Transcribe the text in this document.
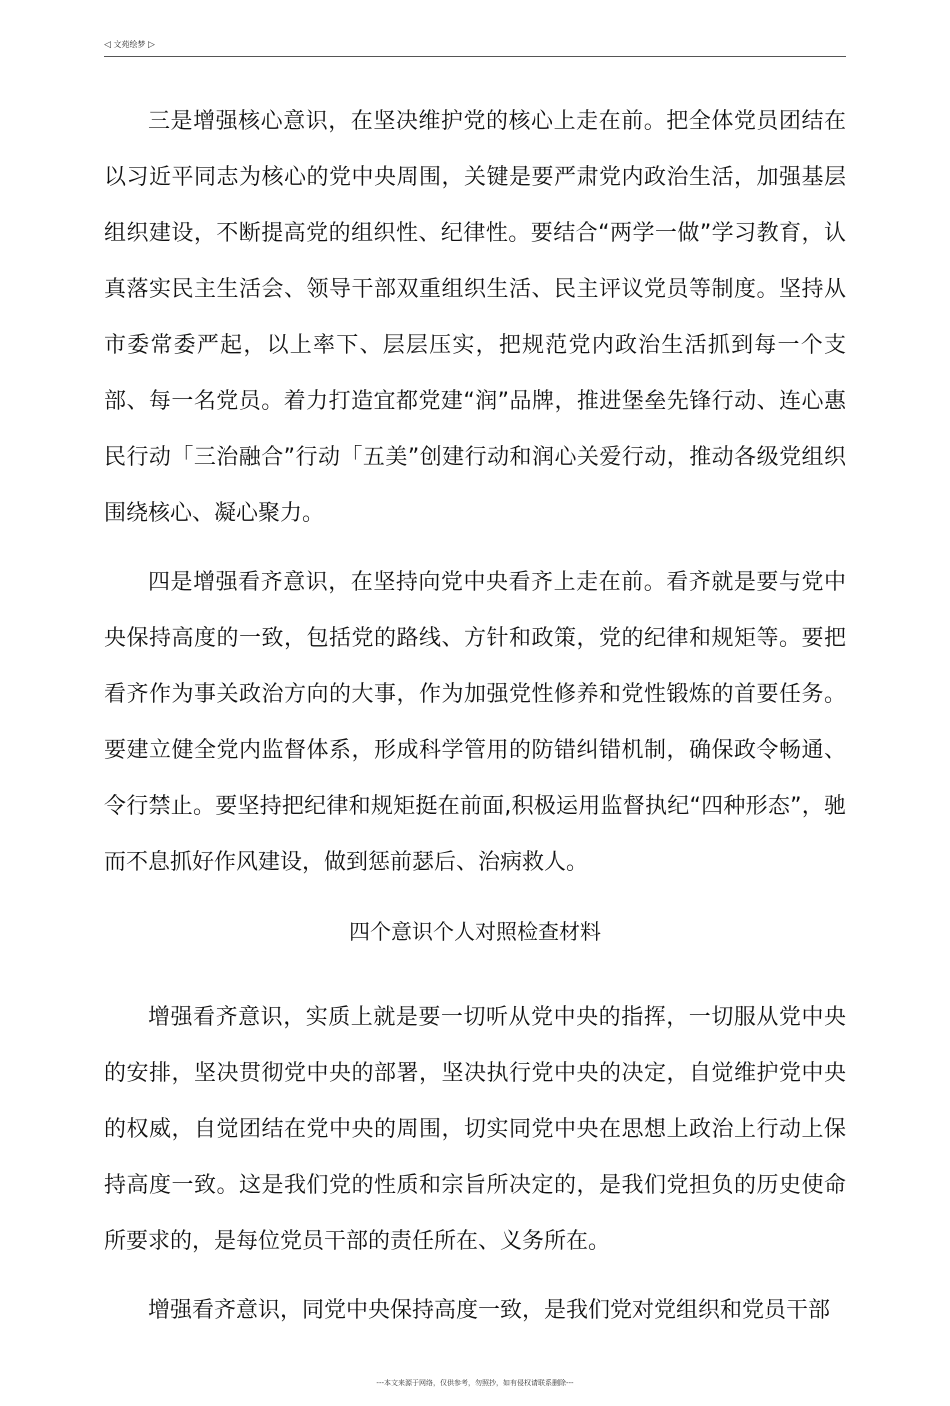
◁ 文苑绘梦 ▷

三是增强核心意识，在坚决维护党的核心上走在前。把全体党员团结在以习近平同志为核心的党中央周围，关键是要严肃党内政治生活，加强基层组织建设，不断提高党的组织性、纪律性。要结合“两学一做”学习教育，认真落实民主生活会、领导干部双重组织生活、民主评议党员等制度。坚持从市委常委严起，以上率下、层层压实，把规范党内政治生活抓到每一个支部、每一名党员。着力打造宜都党建“润”品牌，推进堡垒先锋行动、连心惠民行动「三治融合”行动「五美”创建行动和润心关爱行动，推动各级党组织围绕核心、凝心聚力。

四是增强看齐意识，在坚持向党中央看齐上走在前。看齐就是要与党中央保持高度的一致，包括党的路线、方针和政策，党的纪律和规矩等。要把看齐作为事关政治方向的大事，作为加强党性修养和党性锻炼的首要任务。要建立健全党内监督体系，形成科学管用的防错纠错机制，确保政令畅通、令行禁止。要坚持把纪律和规矩挺在前面,积极运用监督执纪“四种形态”，驰而不息抓好作风建设，做到惩前瑟后、治病救人。

四个意识个人对照检查材料

增强看齐意识，实质上就是要一切听从党中央的指挥，一切服从党中央的安排，坚决贯彻党中央的部署，坚决执行党中央的决定，自觉维护党中央的权威，自觉团结在党中央的周围，切实同党中央在思想上政治上行动上保持高度一致。这是我们党的性质和宗旨所决定的，是我们党担负的历史使命所要求的，是每位党员干部的责任所在、义务所在。

增强看齐意识，同党中央保持高度一致，是我们党对党组织和党员干部

---本文来源于网络，仅供参考，勿照抄，如有侵权请联系删除---
